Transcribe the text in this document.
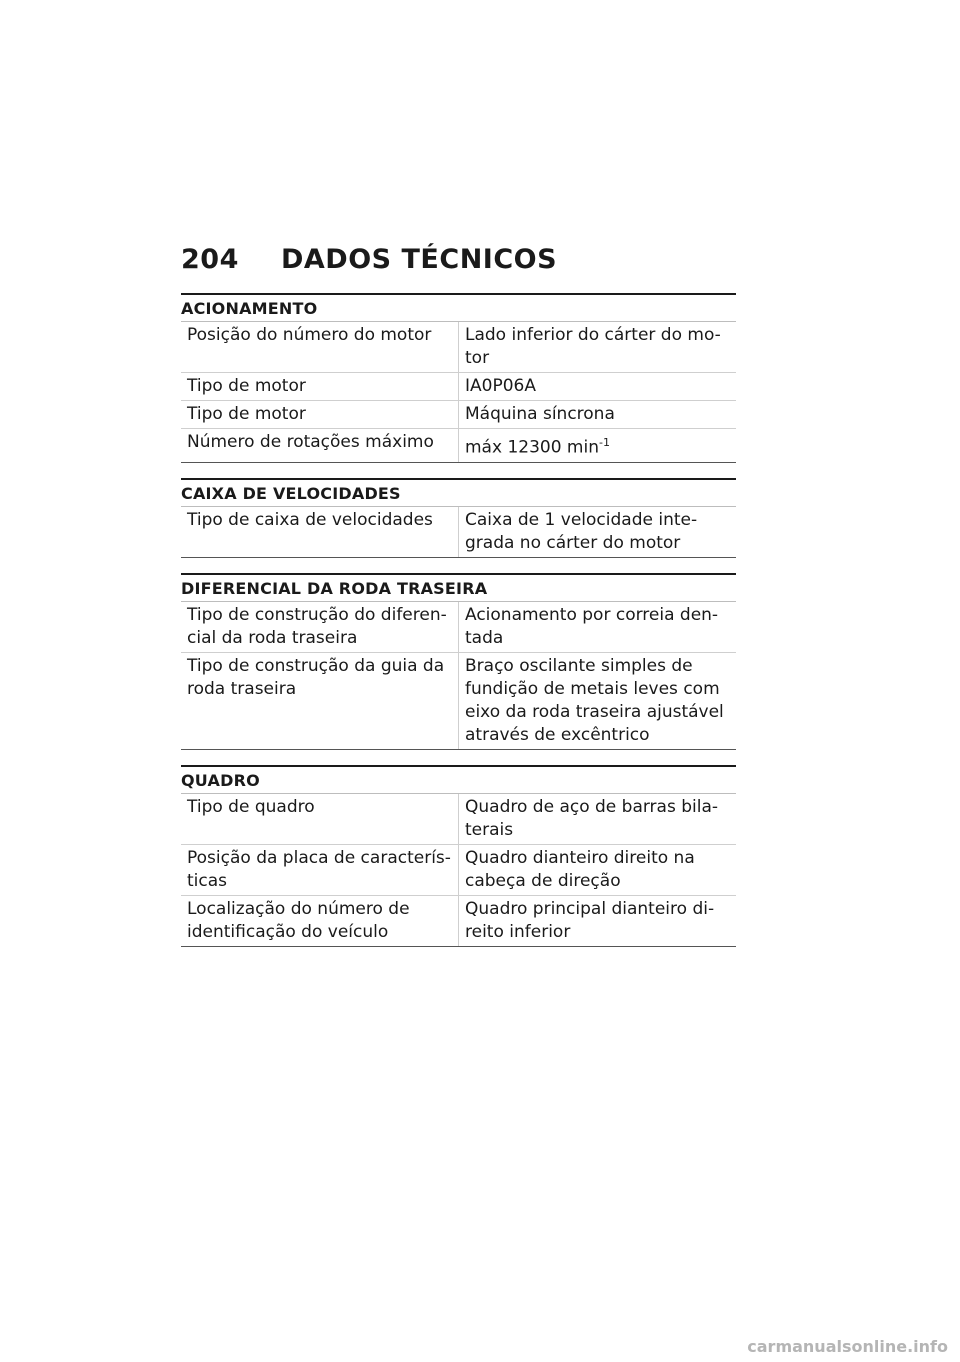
204 DADOS TÉCNICOS
ACIONAMENTO
Posição do número do motor	Lado inferior do cárter do mo-
tor
Tipo de motor	IA0P06A
Tipo de motor	Máquina síncrona
Número de rotações máximo	máx 12300 $\min^{-1}$
CAIXA DE VELOCIDADES
Tipo de caixa de velocidades	Caixa de 1 velocidade inte-
grada no cárter do motor
DIFERENCIAL DA RODA TRASEIRA
Tipo de construção do diferen-
cial da roda traseira	Acionamento por correia den-
tada
Tipo de construção da guia da
roda traseira	Braço oscilante simples de
fundição de metais leves com
eixo da roda traseira ajustável
através de excêntrico
QUADRO
Tipo de quadro	Quadro de aço de barras bila-
terais
Posição da placa de caracterís-
ticas	Quadro dianteiro direito na
cabeça de direção
Localização do número de
identificação do veículo	Quadro principal dianteiro di-
reito inferior
carmanualsonline.info
